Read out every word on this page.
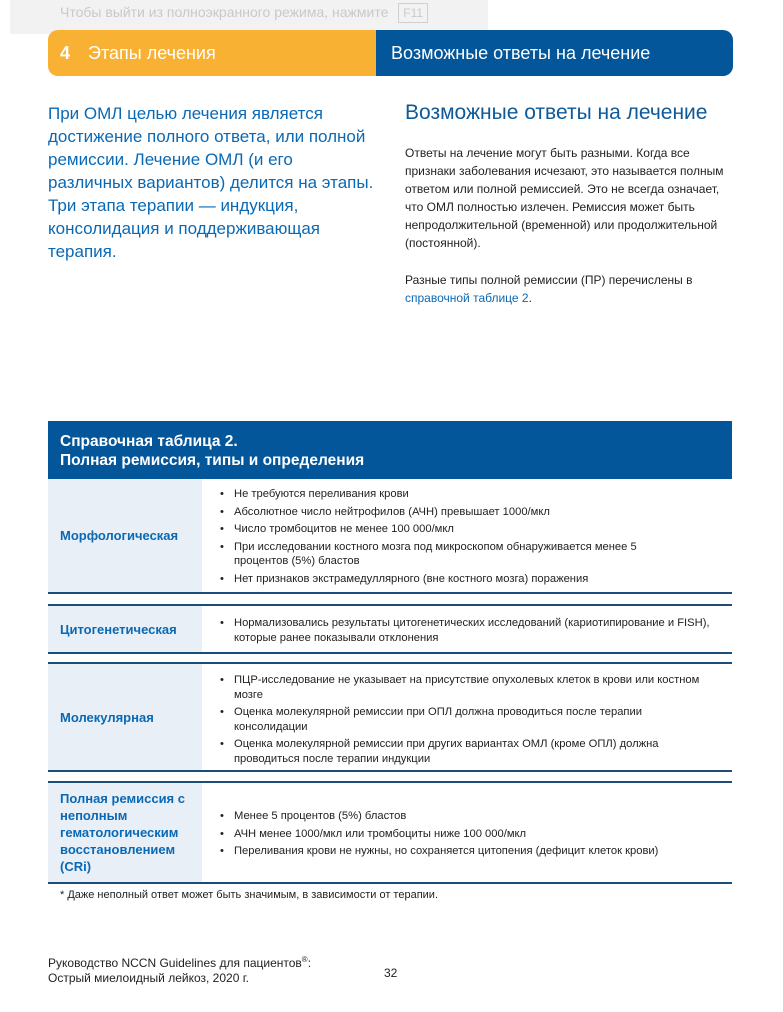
Чтобы выйти из полноэкранного режима, нажмите F11
4 Этапы лечения	Возможные ответы на лечение
При ОМЛ целью лечения является достижение полного ответа, или полной ремиссии. Лечение ОМЛ (и его различных вариантов) делится на этапы. Три этапа терапии — индукция, консолидация и поддерживающая терапия.
Возможные ответы на лечение

Ответы на лечение могут быть разными. Когда все признаки заболевания исчезают, это называется полным ответом или полной ремиссией. Это не всегда означает, что ОМЛ полностью излечен. Ремиссия может быть непродолжительной (временной) или продолжительной (постоянной).

Разные типы полной ремиссии (ПР) перечислены в справочной таблице 2.

Справочная таблица 2.
Полная ремиссия, типы и определения
Морфологическая
• Не требуются переливания крови
• Абсолютное число нейтрофилов (АЧН) превышает 1000/мкл
• Число тромбоцитов не менее 100 000/мкл
• При исследовании костного мозга под микроскопом обнаруживается менее 5 процентов (5%) бластов
• Нет признаков экстрамедуллярного (вне костного мозга) поражения
Цитогенетическая
•	Нормализовались результаты цитогенетических исследований (кариотипирование и FISH), которые ранее показывали отклонения
Молекулярная
• ПЦР-исследование не указывает на присутствие опухолевых клеток в крови или костном мозге
• Оценка молекулярной ремиссии при ОПЛ должна проводиться после терапии консолидации
• Оценка молекулярной ремиссии при других вариантах ОМЛ (кроме ОПЛ) должна проводиться после терапии индукции
Полная ремиссия с неполным гематологическим восстановлением (CRi)
• Менее 5 процентов (5%) бластов
• АЧН менее 1000/мкл или тромбоциты ниже 100 000/мкл
• Переливания крови не нужны, но сохраняется цитопения (дефицит клеток крови)
* Даже неполный ответ может быть значимым, в зависимости от терапии.
Руководство NCCN Guidelines для пациентов®:
Острый миелоидный лейкоз, 2020 г.	32
